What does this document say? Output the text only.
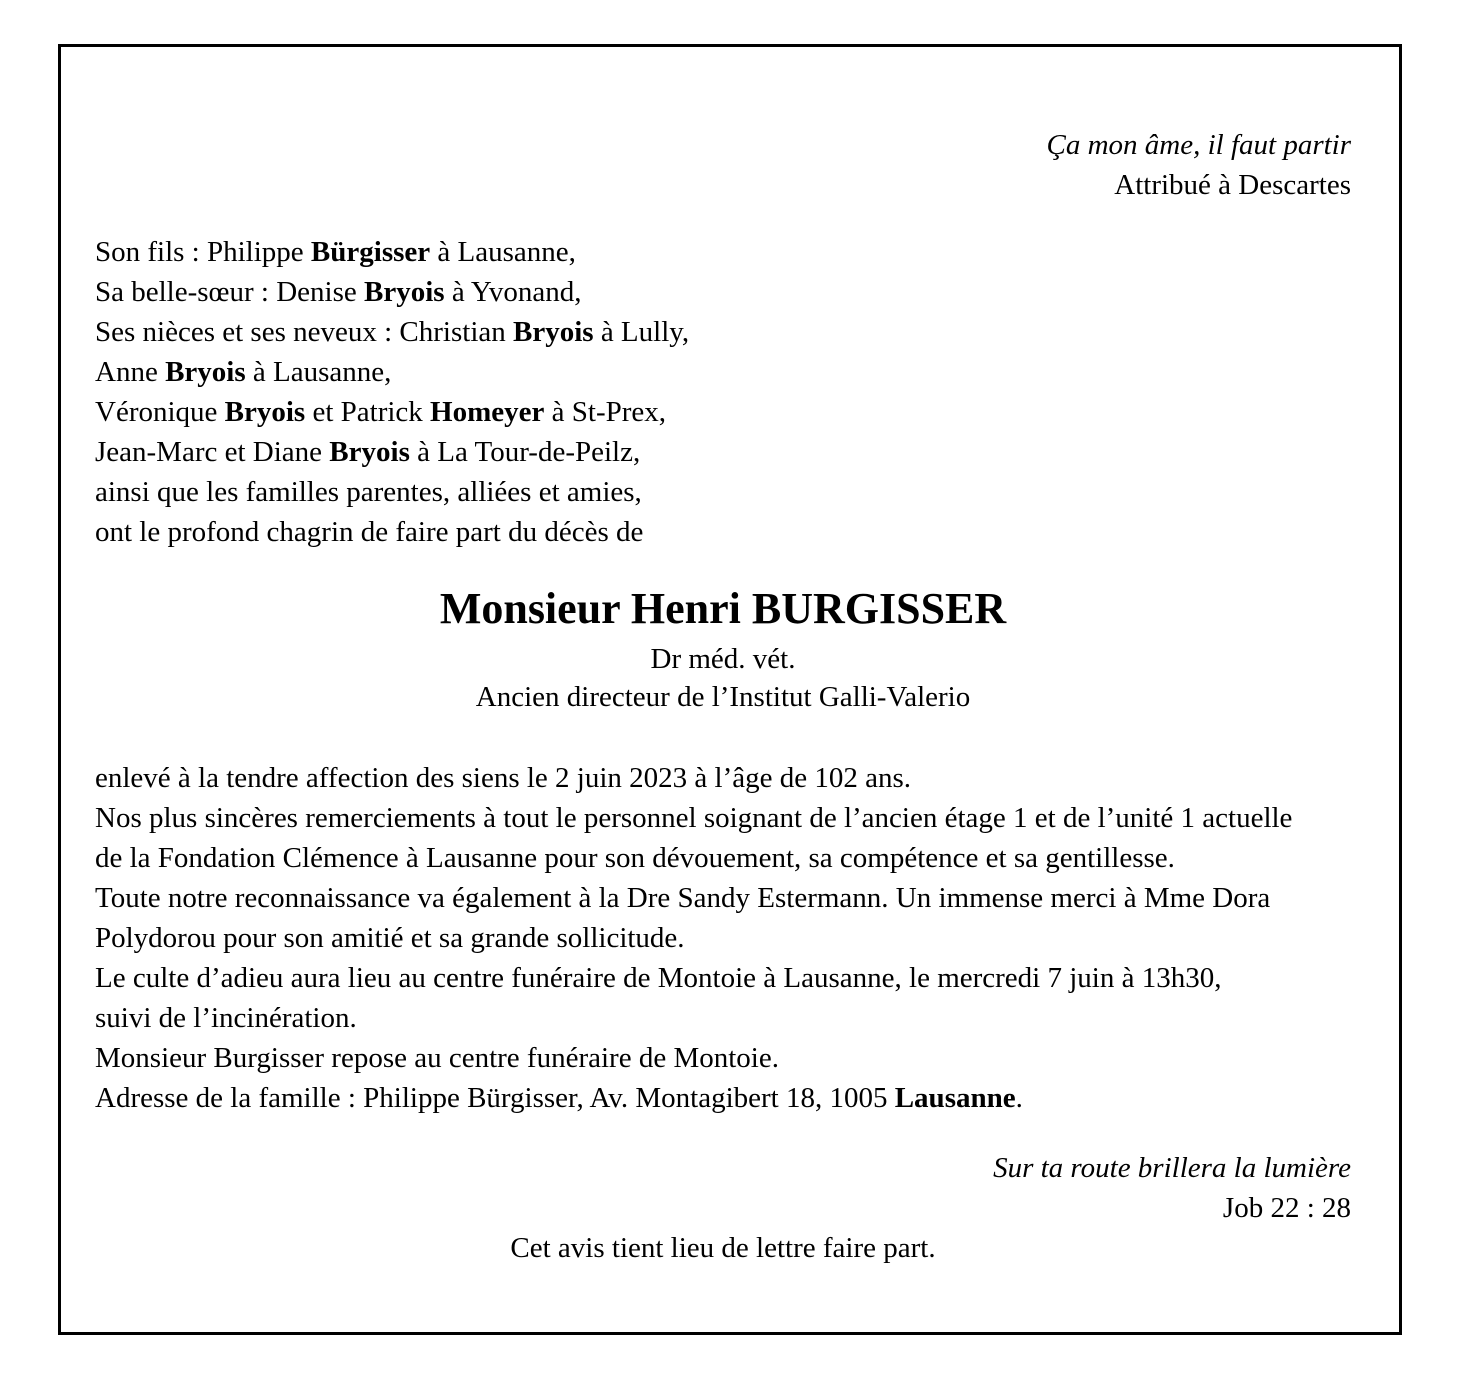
Ça mon âme, il faut partir
Attribué à Descartes
Son fils : Philippe Bürgisser à Lausanne,
Sa belle-sœur : Denise Bryois à Yvonand,
Ses nièces et ses neveux : Christian Bryois à Lully,
Anne Bryois à Lausanne,
Véronique Bryois et Patrick Homeyer à St-Prex,
Jean-Marc et Diane Bryois à La Tour-de-Peilz,
ainsi que les familles parentes, alliées et amies,
ont le profond chagrin de faire part du décès de
Monsieur Henri BURGISSER
Dr méd. vét.
Ancien directeur de l’Institut Galli-Valerio
enlevé à la tendre affection des siens le 2 juin 2023 à l’âge de 102 ans.
Nos plus sincères remerciements à tout le personnel soignant de l’ancien étage 1 et de l’unité 1 actuelle
de la Fondation Clémence à Lausanne pour son dévouement, sa compétence et sa gentillesse.
Toute notre reconnaissance va également à la Dre Sandy Estermann. Un immense merci à Mme Dora
Polydorou pour son amitié et sa grande sollicitude.
Le culte d’adieu aura lieu au centre funéraire de Montoie à Lausanne, le mercredi 7 juin à 13h30,
suivi de l’incinération.
Monsieur Burgisser repose au centre funéraire de Montoie.
Adresse de la famille : Philippe Bürgisser, Av. Montagibert 18, 1005 Lausanne.
Sur ta route brillera la lumière
Job 22 : 28
Cet avis tient lieu de lettre faire part.
